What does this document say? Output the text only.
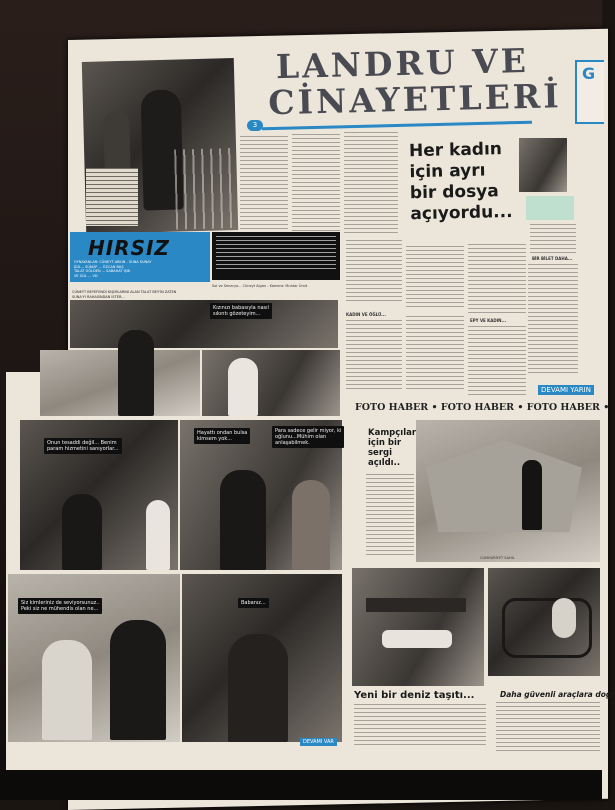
LANDRU VE
CİNAYETLERİ
3
Her kadın
için ayrı
bir dosya
açıyordu...
BİR BİLET DAHA...
DEVAMI YARIN
G
KADIN VE ÖĞLÜ...
EPY VE KADIN...
HIRSIZ
OYNAYANLAR: CÜNEYT ARKIN - SUNA SUNAY
İDİL... SÜNÜP ... ÖZCAN BAŞ
TALAT GÖLDEN ... SABAHAT IŞIK
VE GÜL ... VD
Sol ve Senaryo... Cüneyt Algan - Kamera: Muhtar Ümit
CÜNEYT BEYEFENDİ KIŞIMLARINI ALAN TALAT BEY'İN ZATEN
SUNA'YI RAHASINDAN İSTER...
Kızınızı babasıyla nasıl
sıkıntı gözeteyim...
Onun tesaddi değil... Benim
param hizmetini sanıyorlar...
Hayattı ondan bulsa
kimsem yok...
Para sadece gelir miyor, ki
oğlunu...Mühim olan
anlaşabilmek.
Siz kimleriniz de seviyorsunuz..
Peki siz ne mühendis olan ne...
Babanız...
DEVAMI VAR
FOTO HABER • FOTO HABER • FOTO HABER •
Kampçılar
için bir
sergi
açıldı..
CUMHURİYET SAHİL
Yeni bir deniz taşıtı...	Daha güvenli araçlara doğr
